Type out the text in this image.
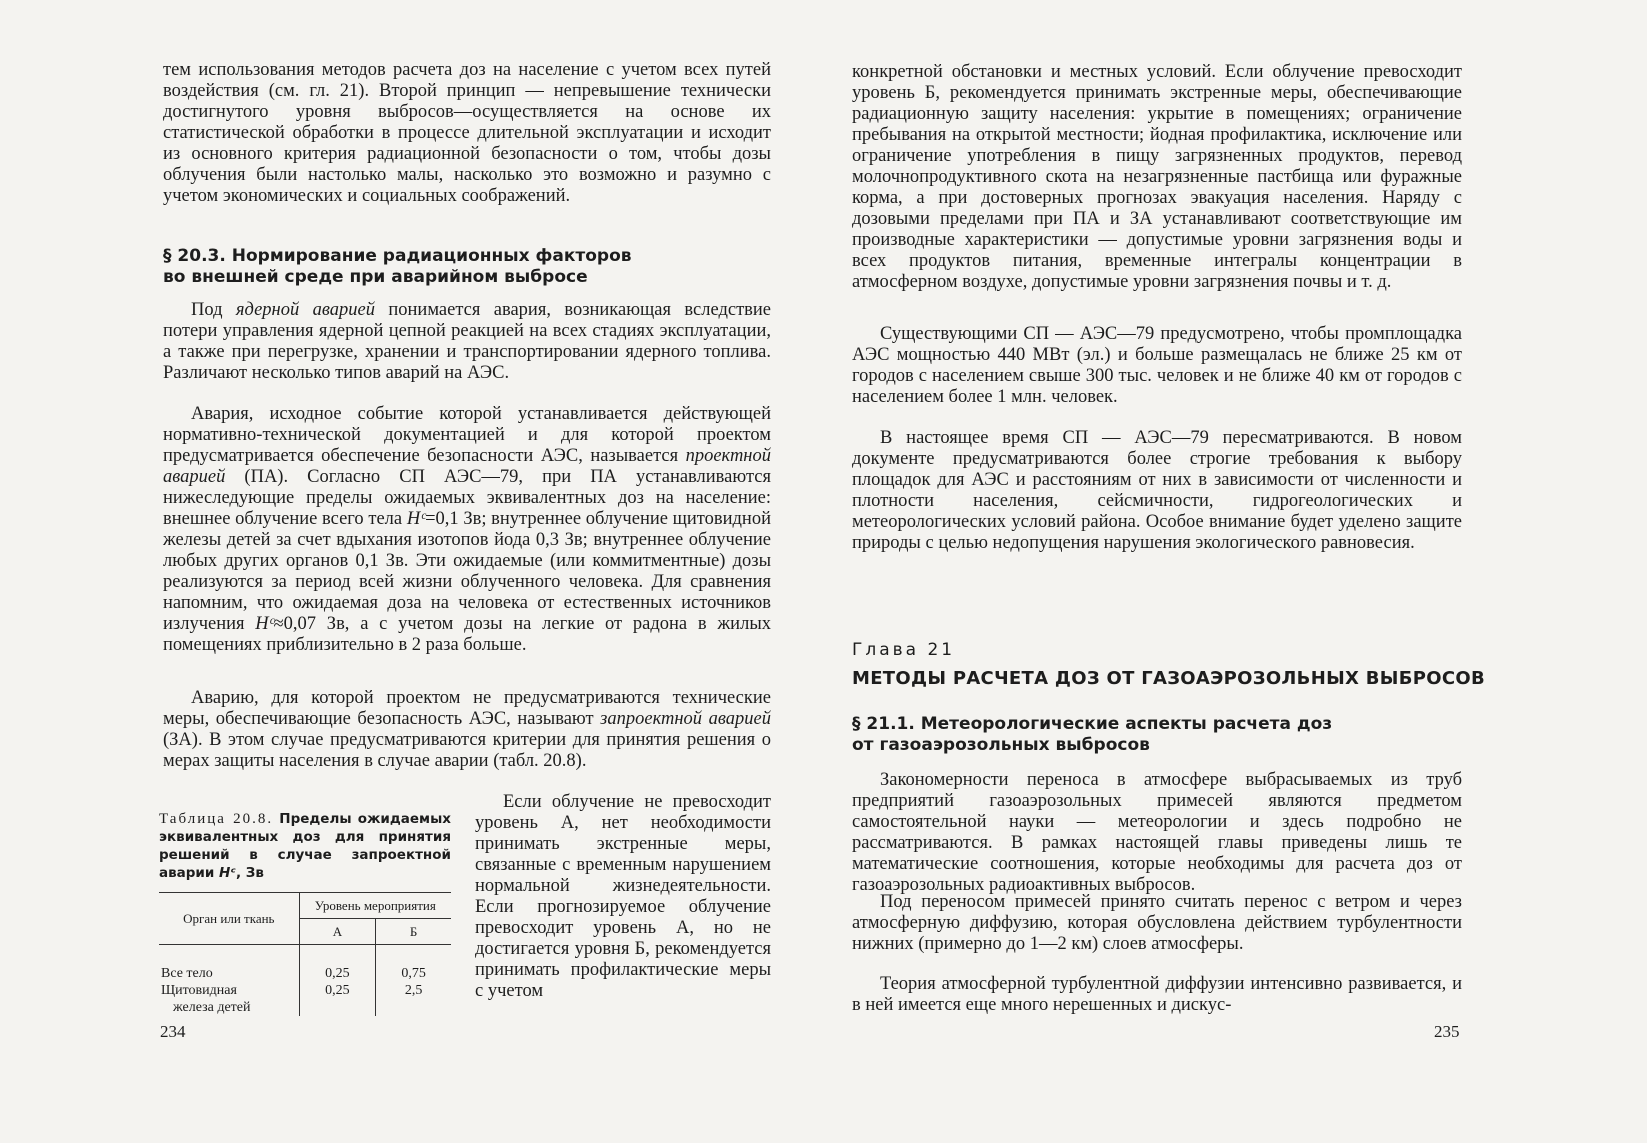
тем использования методов расчета доз на население с учетом всех путей воздействия (см. гл. 21). Второй принцип — непревышение технически достигнутого уровня выбросов—осуществляется на основе их статистической обработки в процессе длительной эксплуатации и исходит из основного критерия радиационной безопасности о том, чтобы дозы облучения были настолько малы, насколько это возможно и разумно с учетом экономических и социальных соображений.

§ 20.3. Нормирование радиационных факторов
во внешней среде при аварийном выбросе

Под ядерной аварией понимается авария, возникающая вследствие потери управления ядерной цепной реакцией на всех стадиях эксплуатации, а также при перегрузке, хранении и транспортировании ядерного топлива. Различают несколько типов аварий на АЭС.

Авария, исходное событие которой устанавливается действующей нормативно-технической документацией и для которой проектом предусматривается обеспечение безопасности АЭС, называется проектной аварией (ПА). Согласно СП АЭС—79, при ПА устанавливаются нижеследующие пределы ожидаемых эквивалентных доз на население: внешнее облучение всего тела Hᶜ=0,1 Зв; внутреннее облучение щитовидной железы детей за счет вдыхания изотопов йода 0,3 Зв; внутреннее облучение любых других органов 0,1 Зв. Эти ожидаемые (или коммитментные) дозы реализуются за период всей жизни облученного человека. Для сравнения напомним, что ожидаемая доза на человека от естественных источников излучения Hᶜ≈0,07 Зв, а с учетом дозы на легкие от радона в жилых помещениях приблизительно в 2 раза больше.

Аварию, для которой проектом не предусматриваются технические меры, обеспечивающие безопасность АЭС, называют запроектной аварией (ЗА). В этом случае предусматриваются критерии для принятия решения о мерах защиты населения в случае аварии (табл. 20.8).

Таблица 20.8. Пределы ожидаемых эквивалентных доз для принятия решений в случае запроектной аварии Hᶜ, Зв
Орган или ткань	Уровень мероприятия	
	А	Б

Все тело	0,25	0,75
Щитовидная	0,25	2,5
железа детей		

Если облучение не превосходит уровень А, нет необходимости принимать экстренные меры, связанные с временным нарушением нормальной жизнедеятельности. Если прогнозируемое облучение превосходит уровень А, но не достигается уровня Б, рекомендуется принимать профилактические меры с учетом

234

конкретной обстановки и местных условий. Если облучение превосходит уровень Б, рекомендуется принимать экстренные меры, обеспечивающие радиационную защиту населения: укрытие в помещениях; ограничение пребывания на открытой местности; йодная профилактика, исключение или ограничение употребления в пищу загрязненных продуктов, перевод молочнопродуктивного скота на незагрязненные пастбища или фуражные корма, а при достоверных прогнозах эвакуация населения. Наряду с дозовыми пределами при ПА и ЗА устанавливают соответствующие им производные характеристики — допустимые уровни загрязнения воды и всех продуктов питания, временные интегралы концентрации в атмосферном воздухе, допустимые уровни загрязнения почвы и т. д.

Существующими СП — АЭС—79 предусмотрено, чтобы промплощадка АЭС мощностью 440 МВт (эл.) и больше размещалась не ближе 25 км от городов с населением свыше 300 тыс. человек и не ближе 40 км от городов с населением более 1 млн. человек.

В настоящее время СП — АЭС—79 пересматриваются. В новом документе предусматриваются более строгие требования к выбору площадок для АЭС и расстояниям от них в зависимости от численности и плотности населения, сейсмичности, гидрогеологических и метеорологических условий района. Особое внимание будет уделено защите природы с целью недопущения нарушения экологического равновесия.

Глава 21
МЕТОДЫ РАСЧЕТА ДОЗ ОТ ГАЗОАЭРОЗОЛЬНЫХ ВЫБРОСОВ
§ 21.1. Метеорологические аспекты расчета доз
от газоаэрозольных выбросов

Закономерности переноса в атмосфере выбрасываемых из труб предприятий газоаэрозольных примесей являются предметом самостоятельной науки — метеорологии и здесь подробно не рассматриваются. В рамках настоящей главы приведены лишь те математические соотношения, которые необходимы для расчета доз от газоаэрозольных радиоактивных выбросов.

Под переносом примесей принято считать перенос с ветром и через атмосферную диффузию, которая обусловлена действием турбулентности нижних (примерно до 1—2 км) слоев атмосферы.

Теория атмосферной турбулентной диффузии интенсивно развивается, и в ней имеется еще много нерешенных и дискус-

235
